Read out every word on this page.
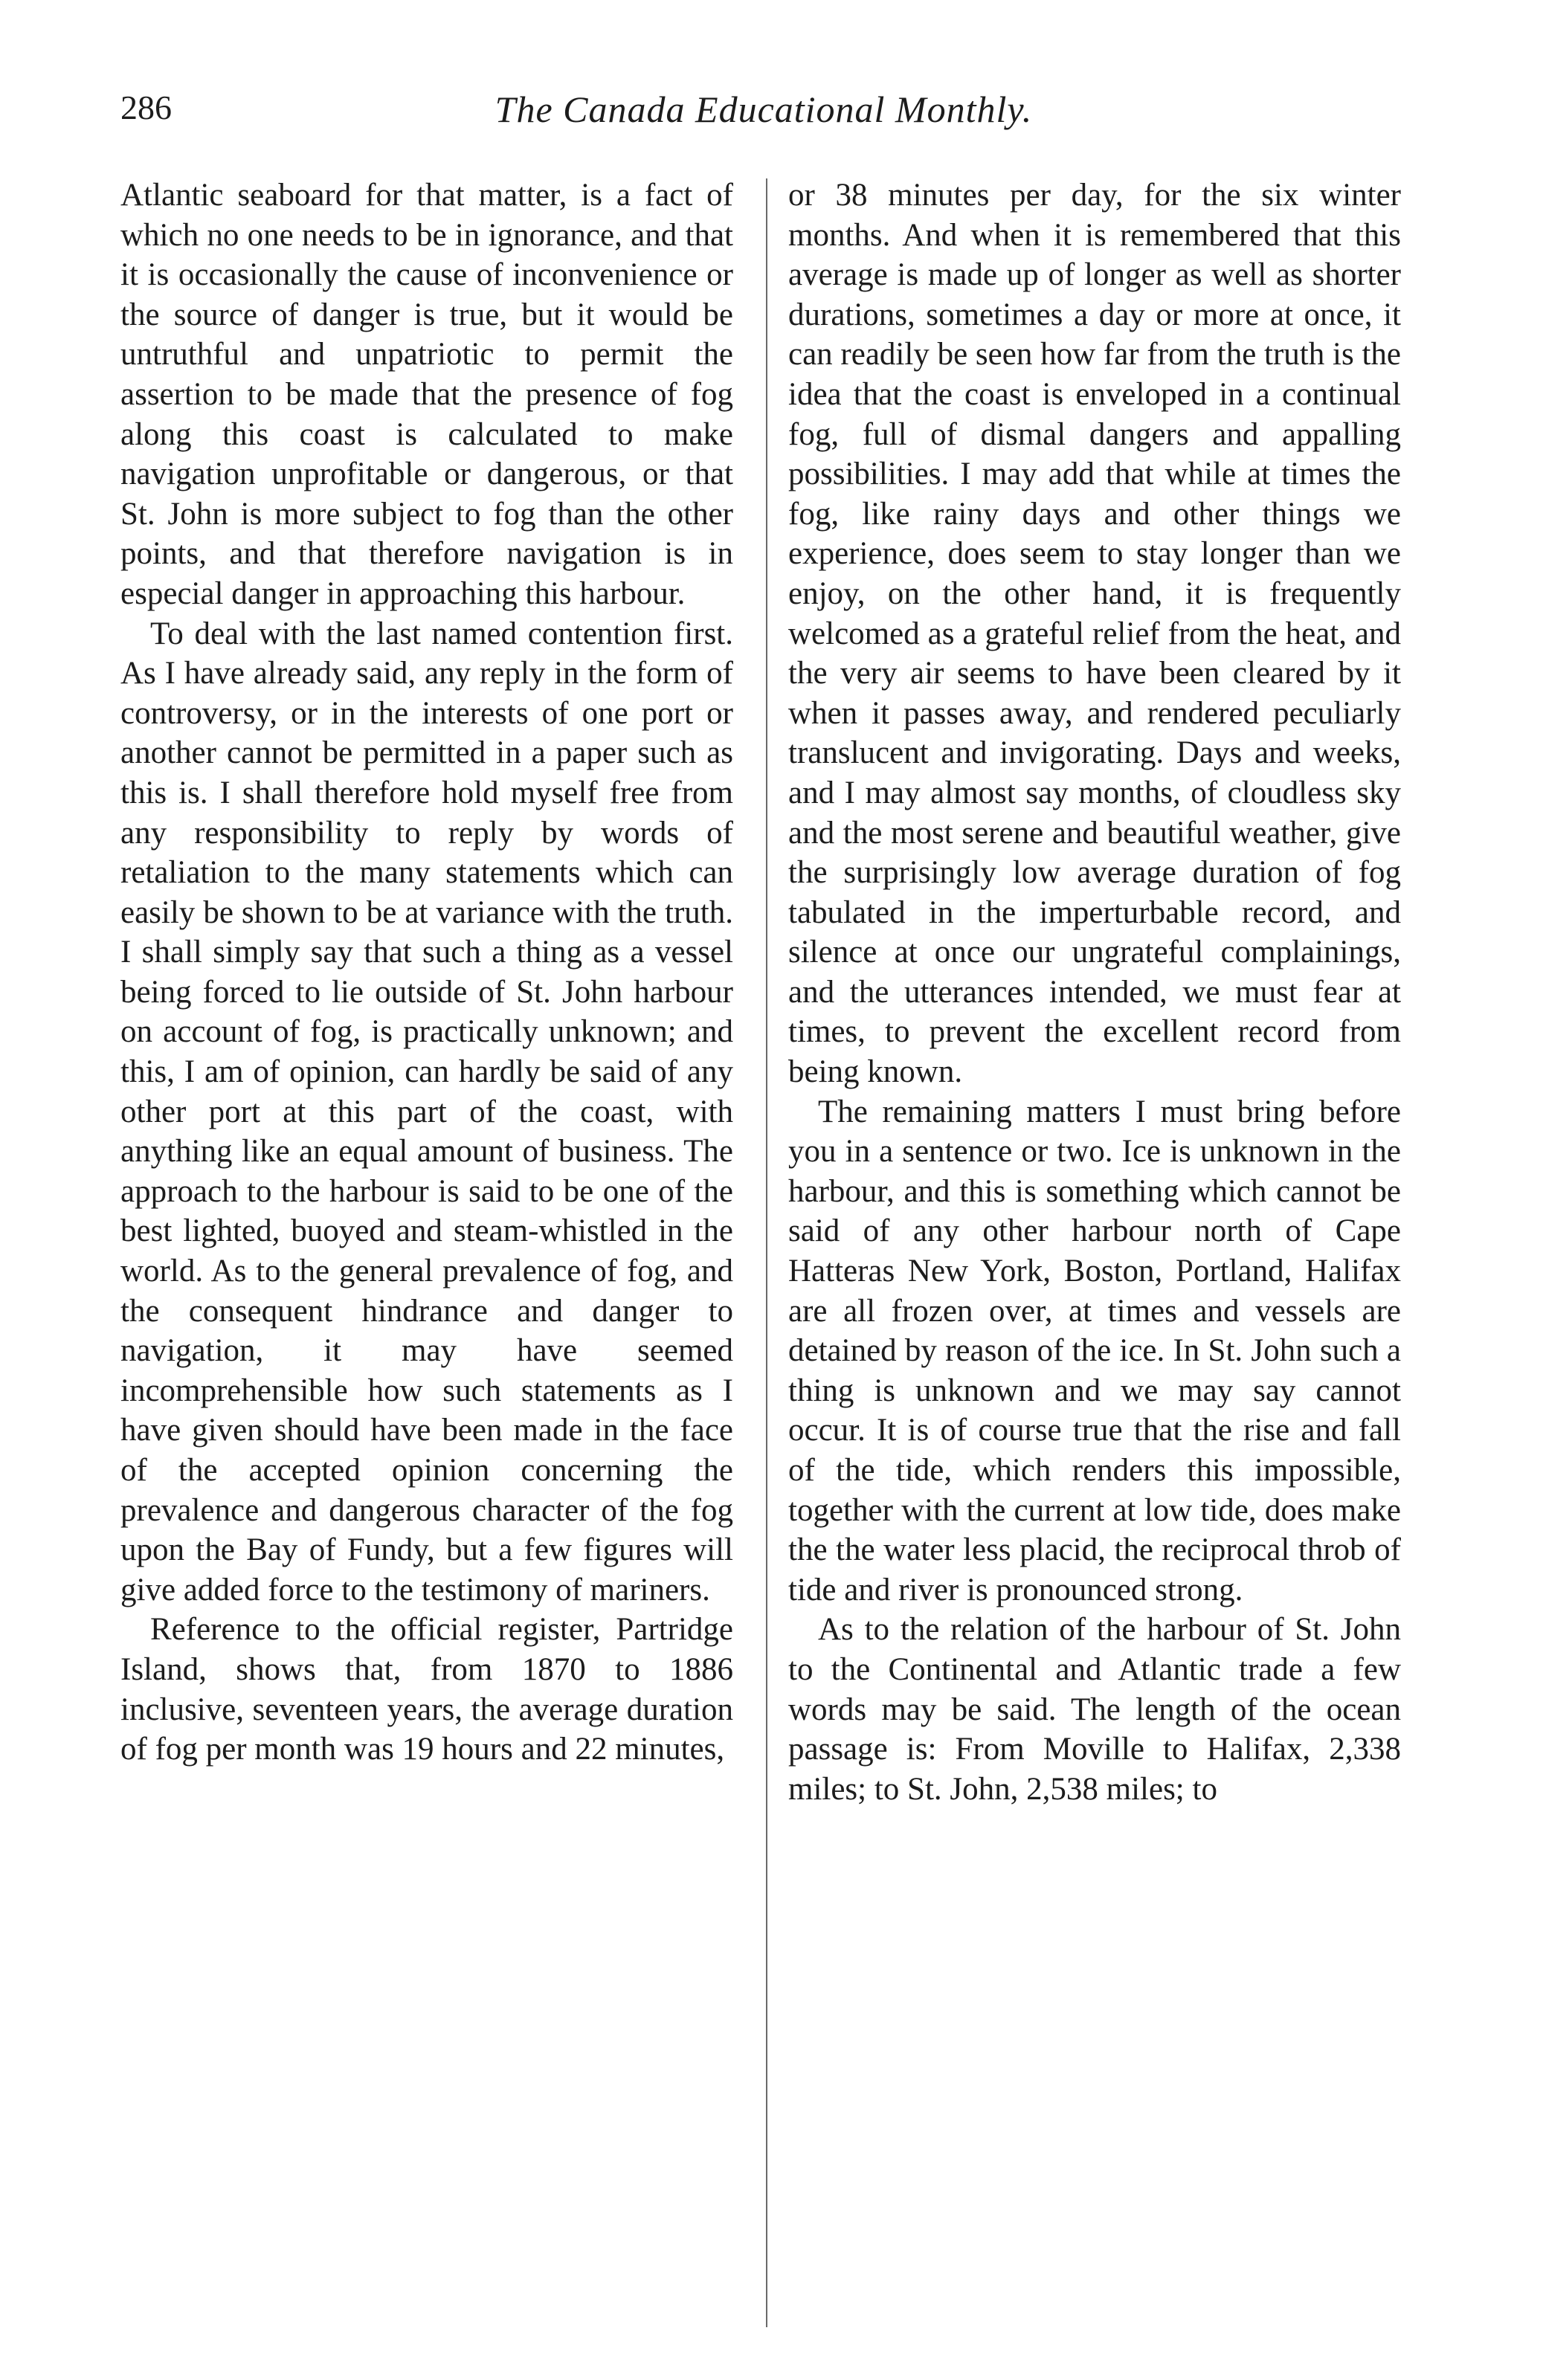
286	The Canada Educational Monthly.

Atlantic seaboard for that matter, is a fact of which no one needs to be in ignorance, and that it is occasionally the cause of inconvenience or the source of danger is true, but it would be untruthful and unpatriotic to permit the assertion to be made that the presence of fog along this coast is calculated to make navigation unprofitable or dangerous, or that St. John is more subject to fog than the other points, and that therefore navigation is in especial danger in approaching this harbour.

To deal with the last named contention first. As I have already said, any reply in the form of controversy, or in the interests of one port or another cannot be permitted in a paper such as this is. I shall therefore hold myself free from any responsibility to reply by words of retaliation to the many statements which can easily be shown to be at variance with the truth. I shall simply say that such a thing as a vessel being forced to lie outside of St. John harbour on account of fog, is practically unknown; and this, I am of opinion, can hardly be said of any other port at this part of the coast, with anything like an equal amount of business. The approach to the harbour is said to be one of the best lighted, buoyed and steam-whistled in the world. As to the general prevalence of fog, and the consequent hindrance and danger to navigation, it may have seemed incomprehensible how such statements as I have given should have been made in the face of the accepted opinion concerning the prevalence and dangerous character of the fog upon the Bay of Fundy, but a few figures will give added force to the testimony of mariners.

Reference to the official register, Partridge Island, shows that, from 1870 to 1886 inclusive, seventeen years, the average duration of fog per month was 19 hours and 22 minutes,

or 38 minutes per day, for the six winter months. And when it is remembered that this average is made up of longer as well as shorter durations, sometimes a day or more at once, it can readily be seen how far from the truth is the idea that the coast is enveloped in a continual fog, full of dismal dangers and appalling possibilities. I may add that while at times the fog, like rainy days and other things we experience, does seem to stay longer than we enjoy, on the other hand, it is frequently welcomed as a grateful relief from the heat, and the very air seems to have been cleared by it when it passes away, and rendered peculiarly translucent and invigorating. Days and weeks, and I may almost say months, of cloudless sky and the most serene and beautiful weather, give the surprisingly low average duration of fog tabulated in the imperturbable record, and silence at once our ungrateful complainings, and the utterances intended, we must fear at times, to prevent the excellent record from being known.

The remaining matters I must bring before you in a sentence or two. Ice is unknown in the harbour, and this is something which cannot be said of any other harbour north of Cape Hatteras New York, Boston, Portland, Halifax are all frozen over, at times and vessels are detained by reason of the ice. In St. John such a thing is unknown and we may say cannot occur. It is of course true that the rise and fall of the tide, which renders this impossible, together with the current at low tide, does make the the water less placid, the reciprocal throb of tide and river is pronounced strong.

As to the relation of the harbour of St. John to the Continental and Atlantic trade a few words may be said. The length of the ocean passage is: From Moville to Halifax, 2,338 miles; to St. John, 2,538 miles; to
